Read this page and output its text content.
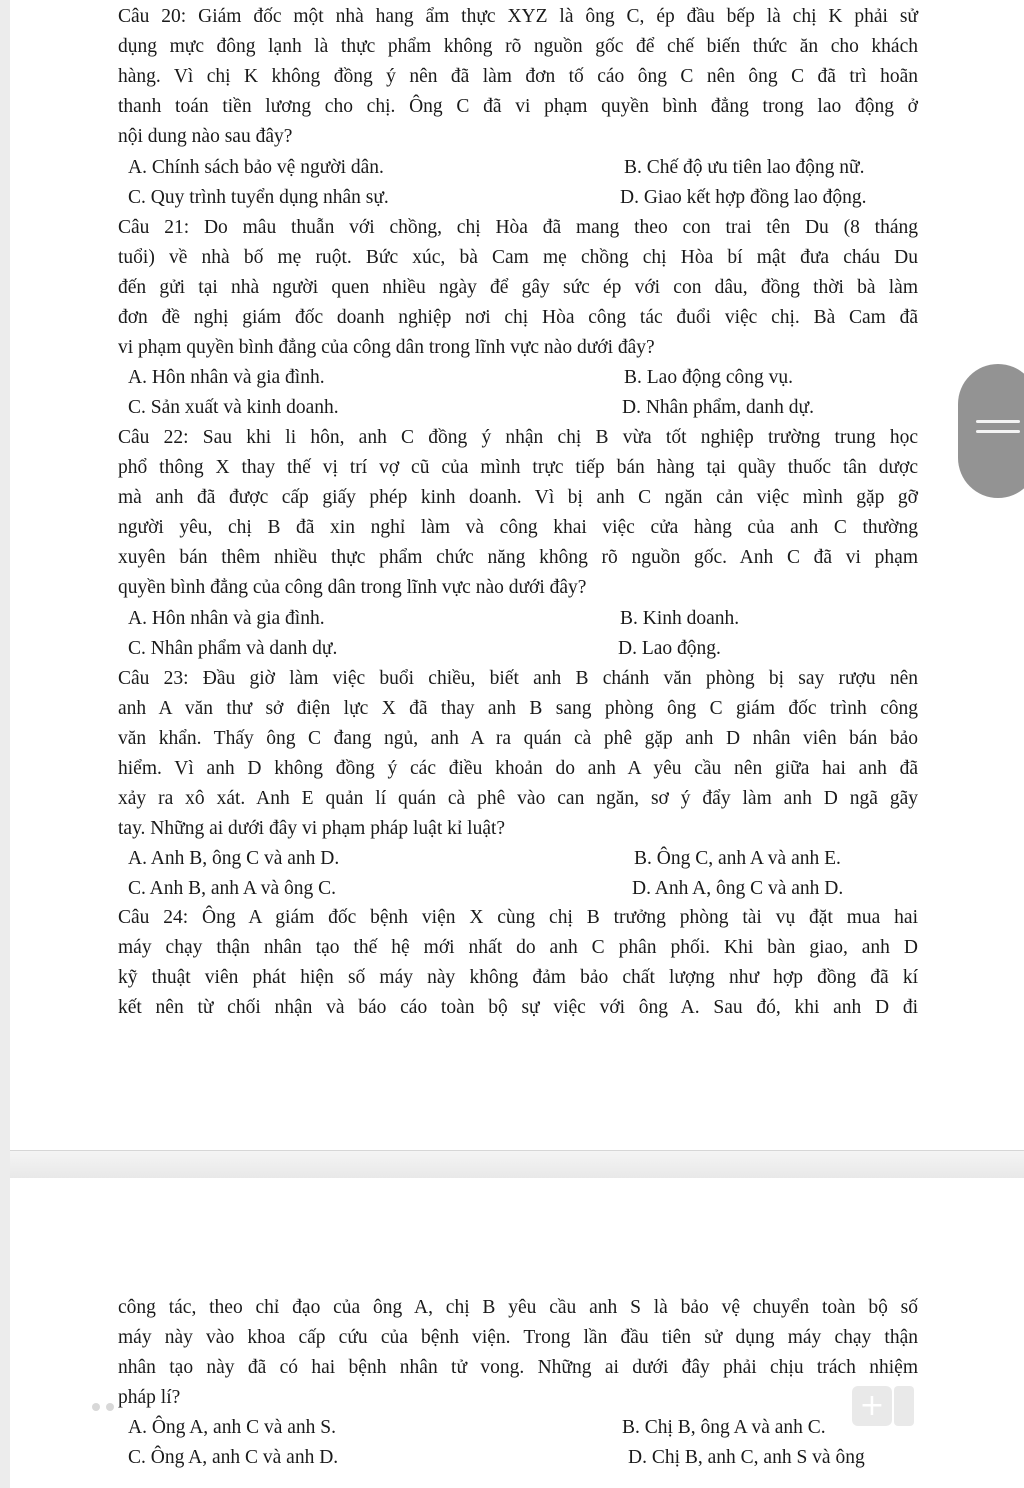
Câu 20: Giám đốc một nhà hang ẩm thực XYZ là ông C, ép đầu bếp là chị K phải sử
dụng mực đông lạnh là thực phẩm không rõ nguồn gốc để chế biến thức ăn cho khách
hàng. Vì chị K không đồng ý nên đã làm đơn tố cáo ông C nên ông C đã trì hoãn
thanh toán tiền lương cho chị. Ông C đã vi phạm quyền bình đẳng trong lao động ở
nội dung nào sau đây?
A. Chính sách bảo vệ người dân.	B. Chế độ ưu tiên lao động nữ.
C. Quy trình tuyển dụng nhân sự.	D. Giao kết hợp đồng lao động.
Câu 21: Do mâu thuẫn với chồng, chị Hòa đã mang theo con trai tên Du (8 tháng
tuổi) về nhà bố mẹ ruột. Bức xúc, bà Cam mẹ chồng chị Hòa bí mật đưa cháu Du
đến gửi tại nhà người quen nhiều ngày để gây sức ép với con dâu, đồng thời bà làm
đơn đề nghị giám đốc doanh nghiệp nơi chị Hòa công tác đuổi việc chị. Bà Cam đã
vi phạm quyền bình đẳng của công dân trong lĩnh vực nào dưới đây?
A. Hôn nhân và gia đình.	B. Lao động công vụ.
C. Sản xuất và kinh doanh.	D. Nhân phẩm, danh dự.
Câu 22: Sau khi li hôn, anh C đồng ý nhận chị B vừa tốt nghiệp trường trung học
phổ thông X thay thế vị trí vợ cũ của mình trực tiếp bán hàng tại quầy thuốc tân dược
mà anh đã được cấp giấy phép kinh doanh. Vì bị anh C ngăn cản việc mình gặp gỡ
người yêu, chị B đã xin nghỉ làm và công khai việc cửa hàng của anh C thường
xuyên bán thêm nhiều thực phẩm chức năng không rõ nguồn gốc. Anh C đã vi phạm
quyền bình đẳng của công dân trong lĩnh vực nào dưới đây?
A. Hôn nhân và gia đình.	B. Kinh doanh.
C. Nhân phẩm và danh dự.	D. Lao động.
Câu 23: Đầu giờ làm việc buổi chiều, biết anh B chánh văn phòng bị say rượu nên
anh A văn thư sở điện lực X đã thay anh B sang phòng ông C giám đốc trình công
văn khẩn. Thấy ông C đang ngủ, anh A ra quán cà phê gặp anh D nhân viên bán bảo
hiểm. Vì anh D không đồng ý các điều khoản do anh A yêu cầu nên giữa hai anh đã
xảy ra xô xát. Anh E quản lí quán cà phê vào can ngăn, sơ ý đẩy làm anh D ngã gãy
tay. Những ai dưới đây vi phạm pháp luật kỉ luật?
A. Anh B, ông C và anh D.	B. Ông C, anh A và anh E.
C. Anh B, anh A và ông C.	D. Anh A, ông C và anh D.
Câu 24: Ông A giám đốc bệnh viện X cùng chị B trưởng phòng tài vụ đặt mua hai
máy chạy thận nhân tạo thế hệ mới nhất do anh C phân phối. Khi bàn giao, anh D
kỹ thuật viên phát hiện số máy này không đảm bảo chất lượng như hợp đồng đã kí
kết nên từ chối nhận và báo cáo toàn bộ sự việc với ông A. Sau đó, khi anh D đi
công tác, theo chỉ đạo của ông A, chị B yêu cầu anh S là bảo vệ chuyển toàn bộ số
máy này vào khoa cấp cứu của bệnh viện. Trong lần đầu tiên sử dụng máy chạy thận
nhân tạo này đã có hai bệnh nhân tử vong. Những ai dưới đây phải chịu trách nhiệm
pháp lí?
A. Ông A, anh C và anh S.	B. Chị B, ông A và anh C.
C. Ông A, anh C và anh D.	D. Chị B, anh C, anh S và ông
+
